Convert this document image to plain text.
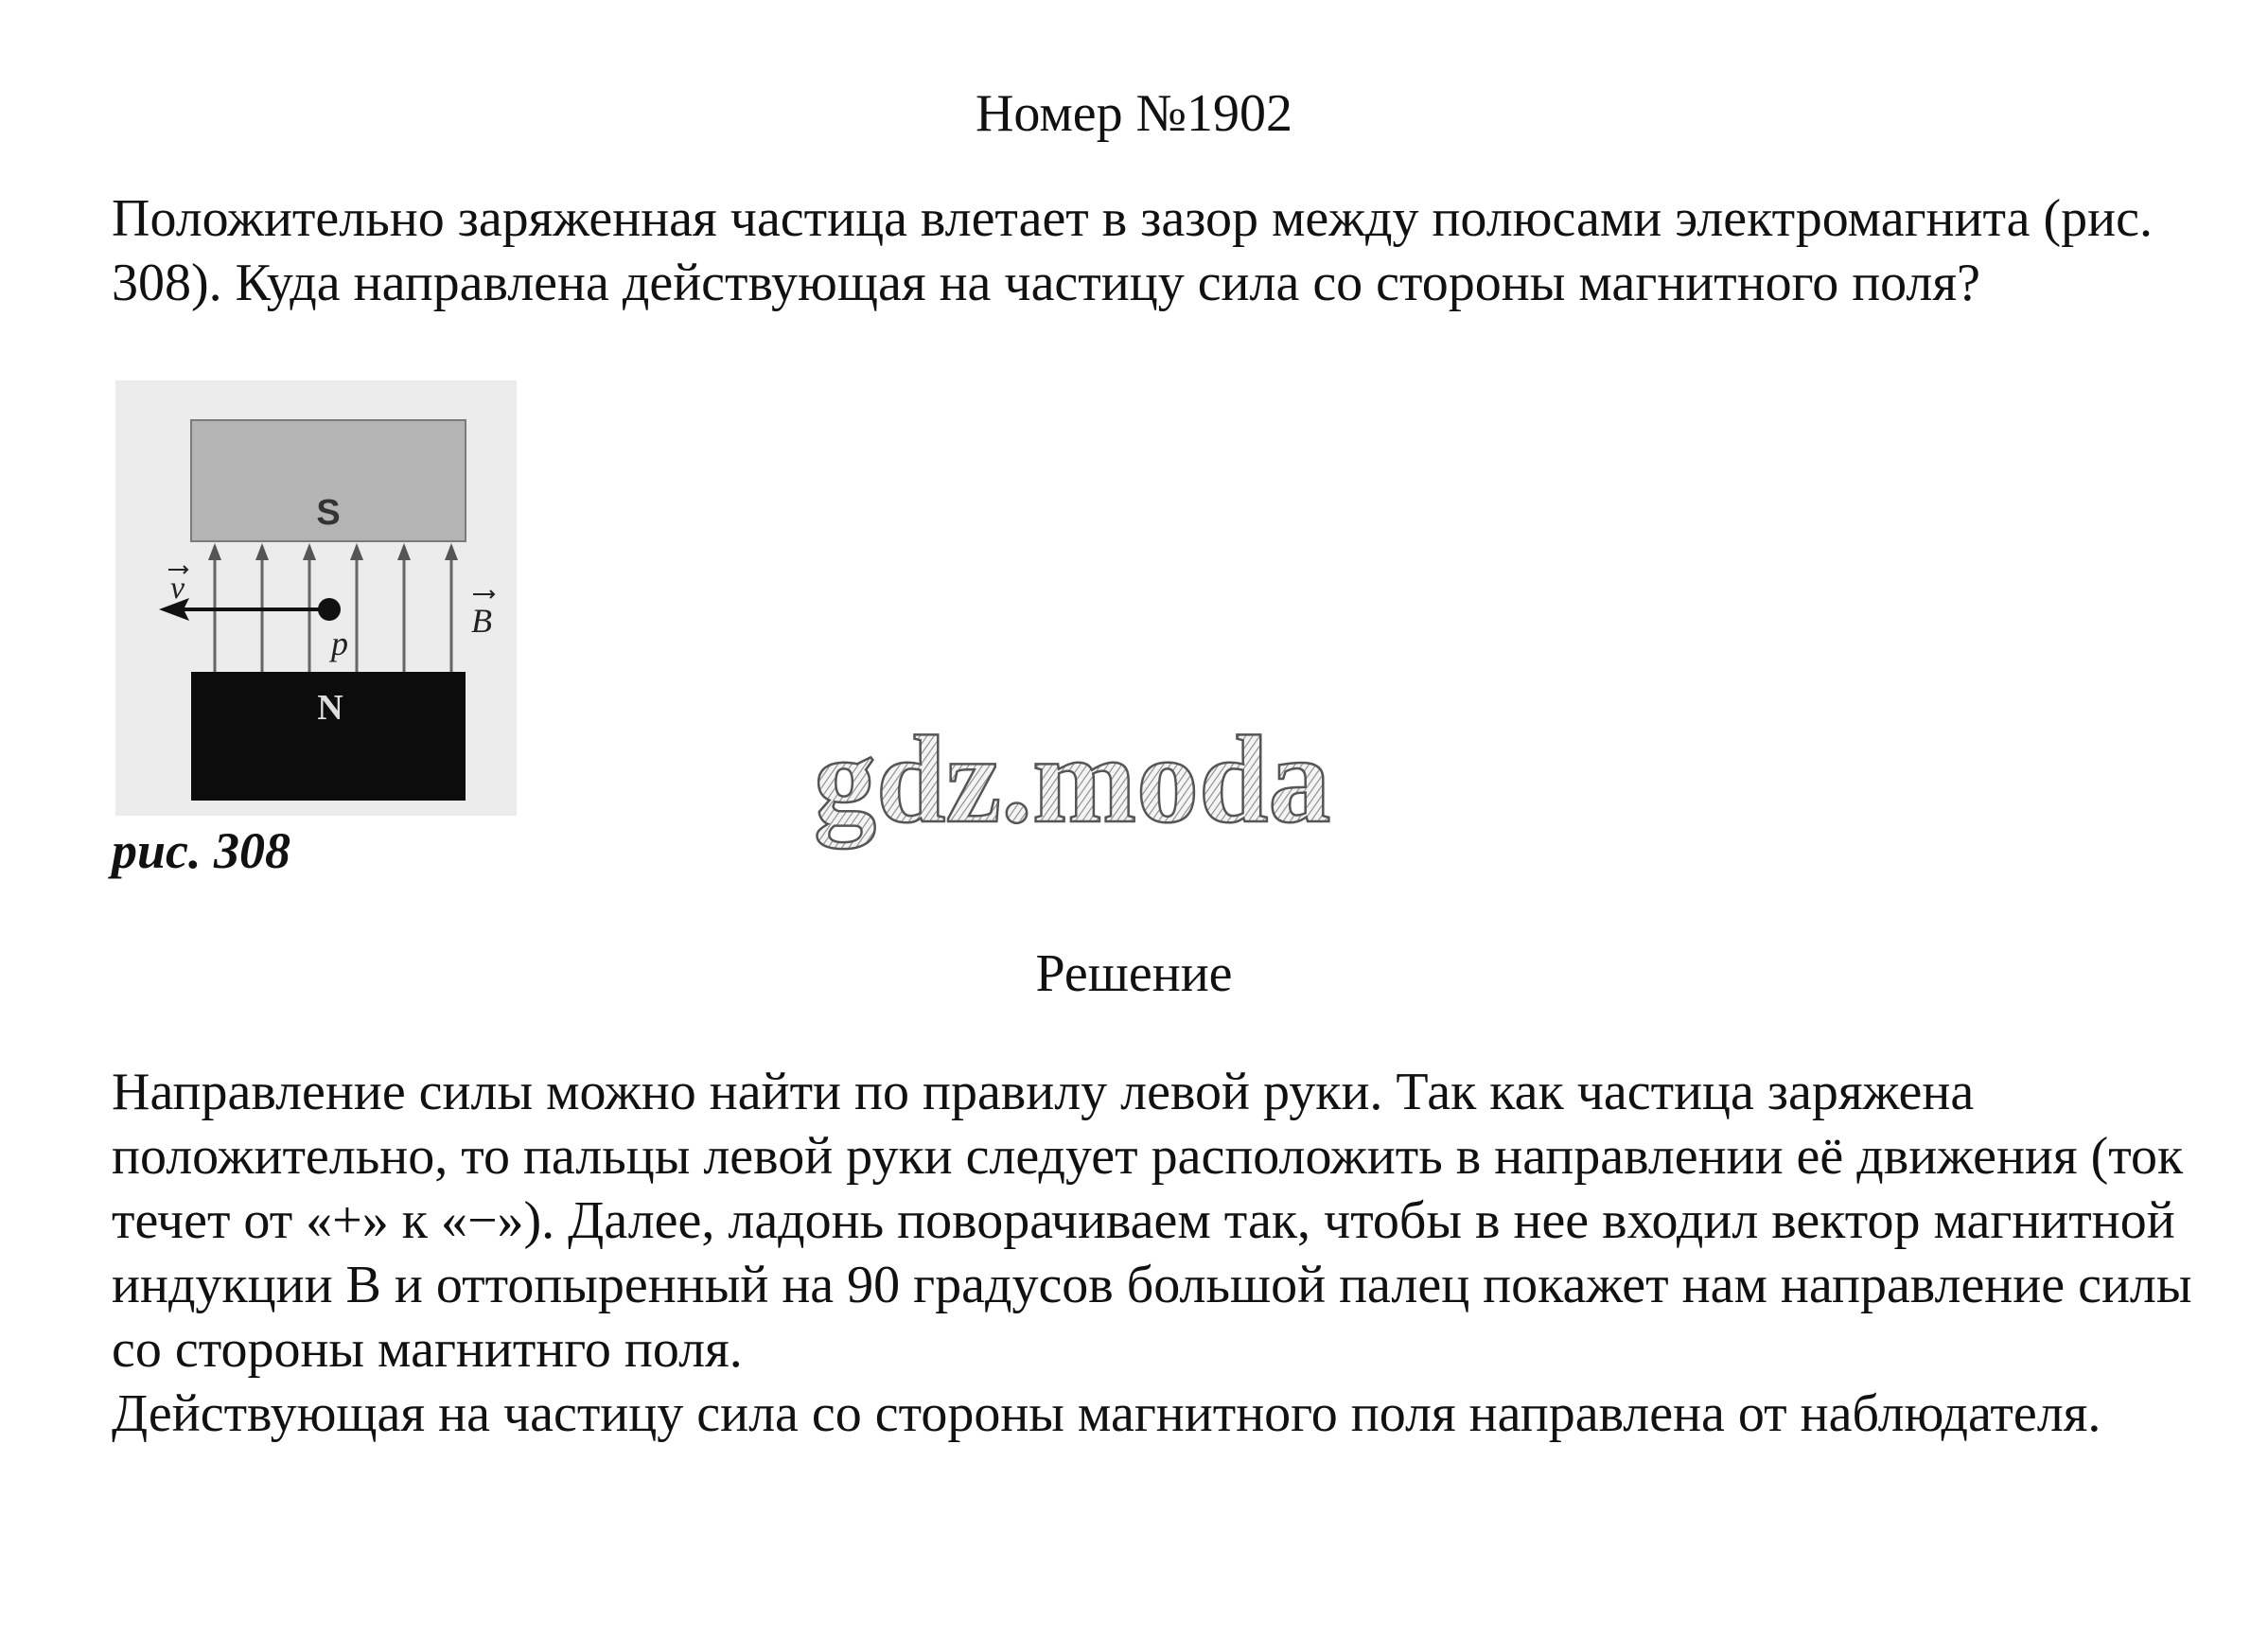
Номер №1902

Положительно заряженная частица влетает в зазор между полюсами электромагнита (рис. 308). Куда направлена действующая на частицу сила со стороны магнитного поля?

S
N
v
p
B

рис. 308

gdz.moda
Решение

Направление силы можно найти по правилу левой руки. Так как частица заряжена положительно, то пальцы левой руки следует расположить в направлении её движения (ток течет от «+» к «−»). Далее, ладонь поворачиваем так, чтобы в нее входил вектор магнитной индукции B и оттопыренный на 90 градусов большой палец покажет нам направление силы со стороны магнитнго поля.

Действующая на частицу сила со стороны магнитного поля направлена от наблюдателя.
